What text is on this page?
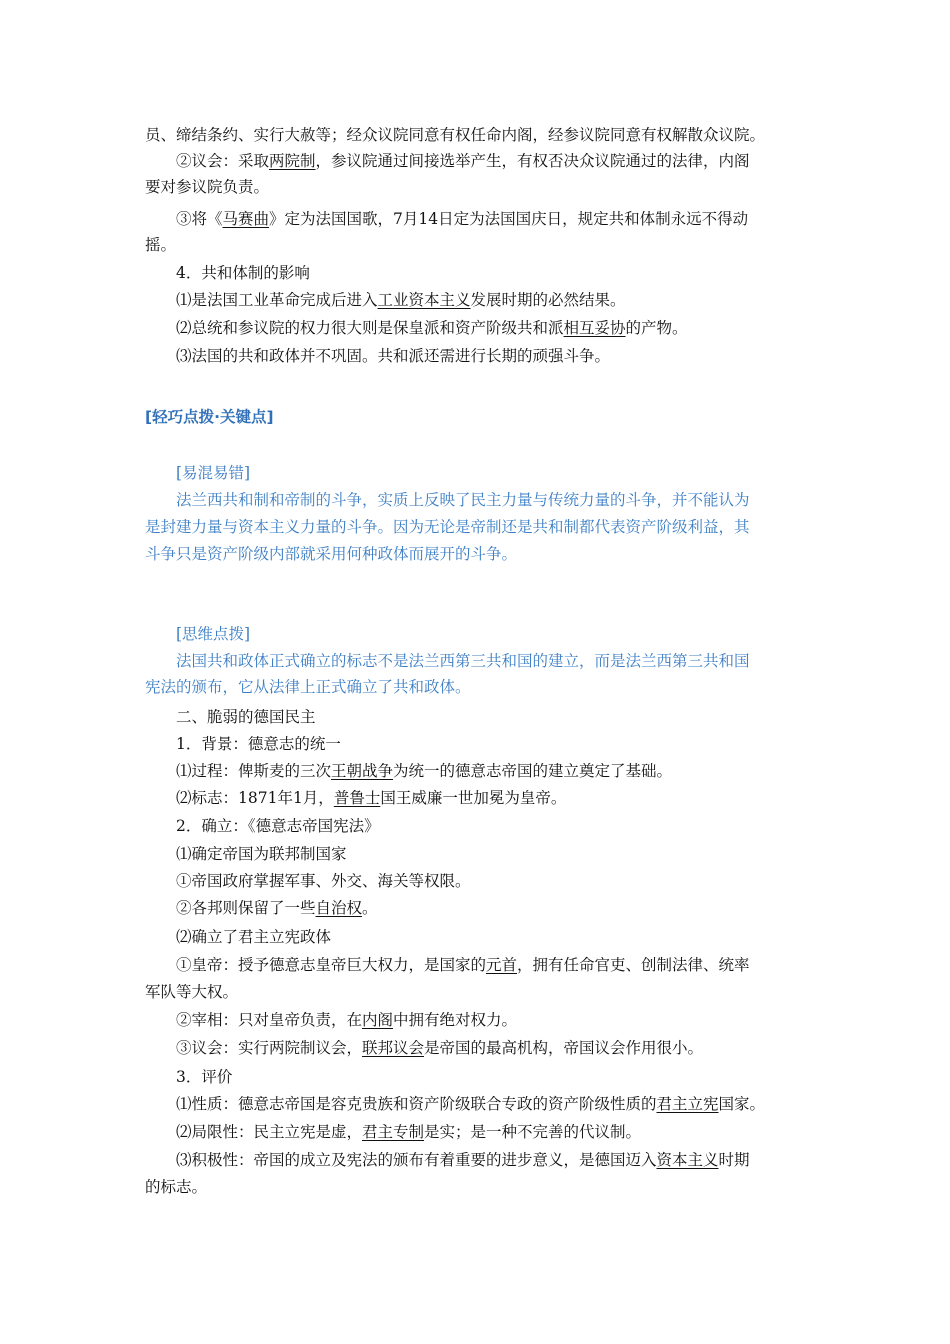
员、缔结条约、实行大赦等；经众议院同意有权任命内阁，经参议院同意有权解散众议院。
②议会：采取两院制，参议院通过间接选举产生，有权否决众议院通过的法律，内阁
要对参议院负责。
③将《马赛曲》定为法国国歌，7月14日定为法国国庆日，规定共和体制永远不得动
摇。
4．共和体制的影响
⑴是法国工业革命完成后进入工业资本主义发展时期的必然结果。
⑵总统和参议院的权力很大则是保皇派和资产阶级共和派相互妥协的产物。
⑶法国的共和政体并不巩固。共和派还需进行长期的顽强斗争。
[轻巧点拨·关键点]
[易混易错]
法兰西共和制和帝制的斗争，实质上反映了民主力量与传统力量的斗争，并不能认为
是封建力量与资本主义力量的斗争。因为无论是帝制还是共和制都代表资产阶级利益，其
斗争只是资产阶级内部就采用何种政体而展开的斗争。
[思维点拨]
法国共和政体正式确立的标志不是法兰西第三共和国的建立，而是法兰西第三共和国
宪法的颁布，它从法律上正式确立了共和政体。
二、脆弱的德国民主
1．背景：德意志的统一
⑴过程：俾斯麦的三次王朝战争为统一的德意志帝国的建立奠定了基础。
⑵标志：1871年1月，普鲁士国王威廉一世加冕为皇帝。
2．确立：《德意志帝国宪法》
⑴确定帝国为联邦制国家
①帝国政府掌握军事、外交、海关等权限。
②各邦则保留了一些自治权。
⑵确立了君主立宪政体
①皇帝：授予德意志皇帝巨大权力，是国家的元首，拥有任命官吏、创制法律、统率
军队等大权。
②宰相：只对皇帝负责，在内阁中拥有绝对权力。
③议会：实行两院制议会，联邦议会是帝国的最高机构，帝国议会作用很小。
3．评价
⑴性质：德意志帝国是容克贵族和资产阶级联合专政的资产阶级性质的君主立宪国家。
⑵局限性：民主立宪是虚，君主专制是实；是一种不完善的代议制。
⑶积极性：帝国的成立及宪法的颁布有着重要的进步意义，是德国迈入资本主义时期
的标志。
